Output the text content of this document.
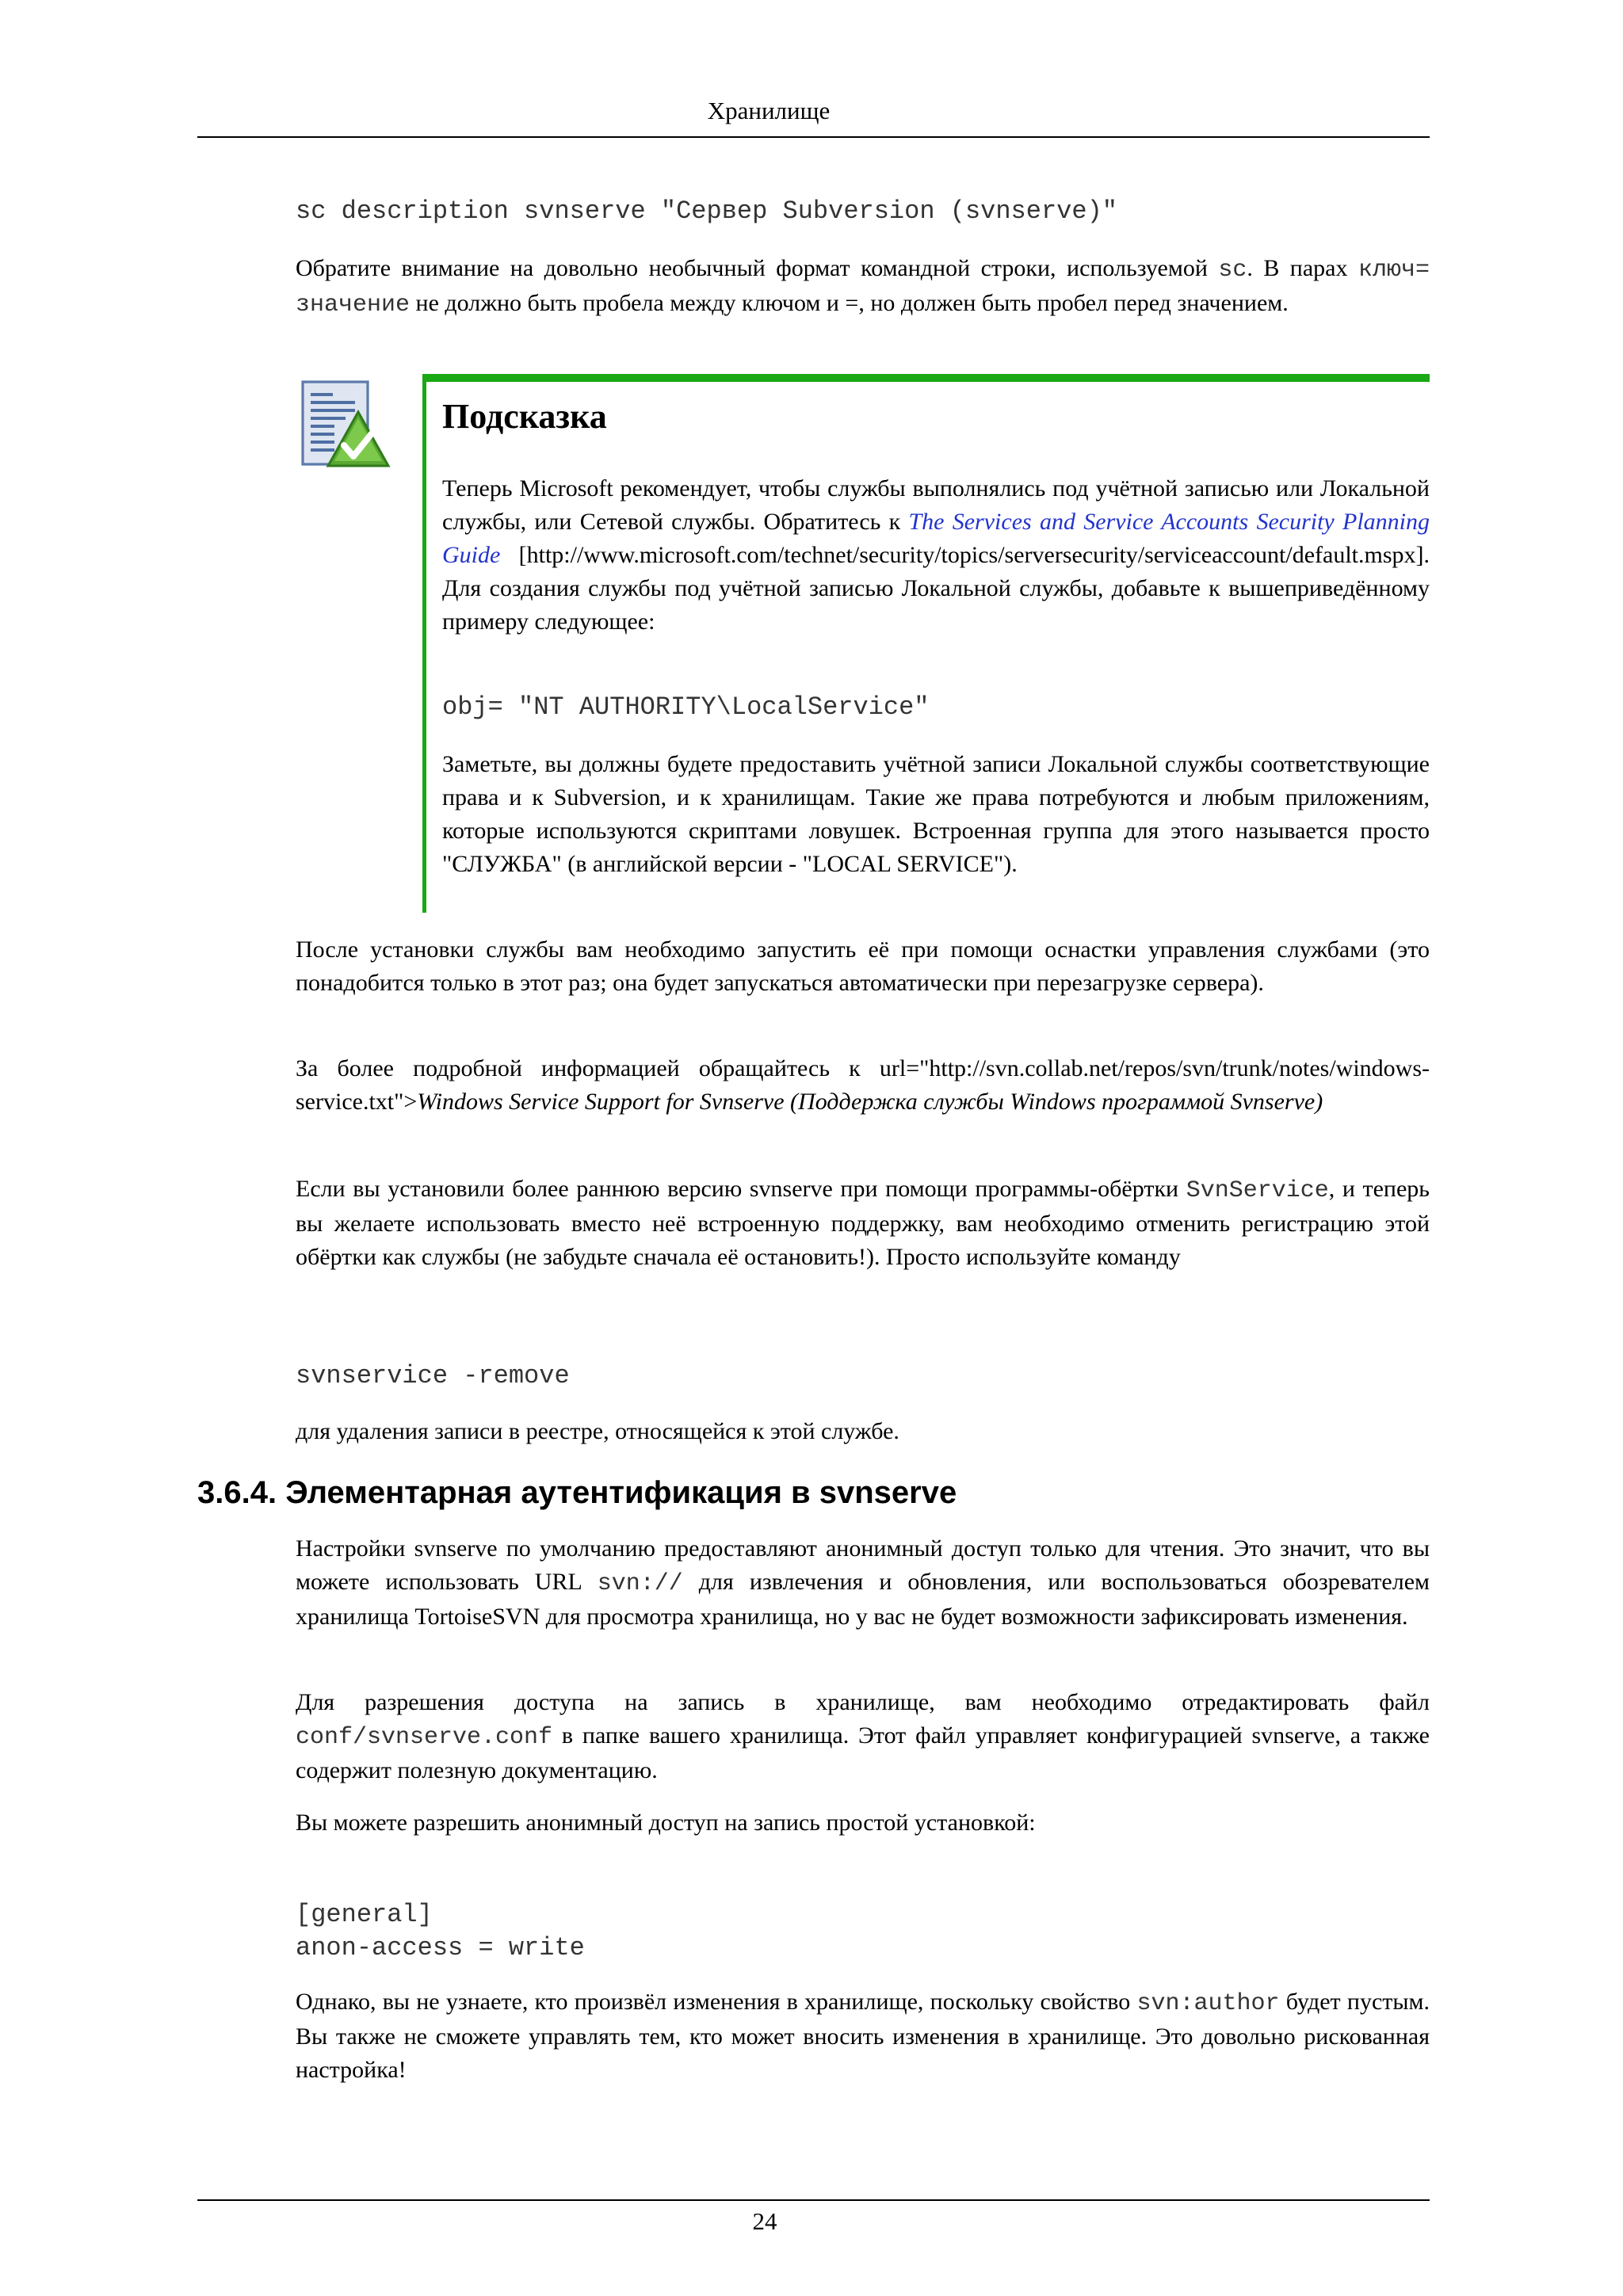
Хранилище
sc description svnserve "Сервер Subversion (svnserve)"

Обратите внимание на довольно необычный формат командной строки, используемой sc. В парах ключ= значение не должно быть пробела между ключом и =, но должен быть пробел перед значением.

Подсказка

Теперь Microsoft рекомендует, чтобы службы выполнялись под учётной записью или Локальной службы, или Сетевой службы. Обратитесь к The Services and Service Accounts Security Planning Guide [http://www.microsoft.com/technet/security/topics/serversecurity/serviceaccount/default.mspx]. Для создания службы под учётной записью Локальной службы, добавьте к вышеприведённому примеру следующее:

obj= "NT AUTHORITY\LocalService"

Заметьте, вы должны будете предоставить учётной записи Локальной службы соответствующие права и к Subversion, и к хранилищам. Такие же права потребуются и любым приложениям, которые используются скриптами ловушек. Встроенная группа для этого называется просто "СЛУЖБА" (в английской версии - "LOCAL SERVICE").

После установки службы вам необходимо запустить её при помощи оснастки управления службами (это понадобится только в этот раз; она будет запускаться автоматически при перезагрузке сервера).

За более подробной информацией обращайтесь к url="http://svn.collab.net/repos/svn/trunk/notes/windows-service.txt">Windows Service Support for Svnserve (Поддержка службы Windows программой Svnserve)

Если вы установили более раннюю версию svnserve при помощи программы-обёртки SvnService, и теперь вы желаете использовать вместо неё встроенную поддержку, вам необходимо отменить регистрацию этой обёртки как службы (не забудьте сначала её остановить!). Просто используйте команду

svnservice -remove

для удаления записи в реестре, относящейся к этой службе.

3.6.4. Элементарная аутентификация в svnserve

Настройки svnserve по умолчанию предоставляют анонимный доступ только для чтения. Это значит, что вы можете использовать URL svn:// для извлечения и обновления, или воспользоваться обозревателем хранилища TortoiseSVN для просмотра хранилища, но у вас не будет возможности зафиксировать изменения.

Для разрешения доступа на запись в хранилище, вам необходимо отредактировать файл conf/svnserve.conf в папке вашего хранилища. Этот файл управляет конфигурацией svnserve, а также содержит полезную документацию.

Вы можете разрешить анонимный доступ на запись простой установкой:

[general]
anon-access = write

Однако, вы не узнаете, кто произвёл изменения в хранилище, поскольку свойство svn:author будет пустым. Вы также не сможете управлять тем, кто может вносить изменения в хранилище. Это довольно рискованная настройка!

24
